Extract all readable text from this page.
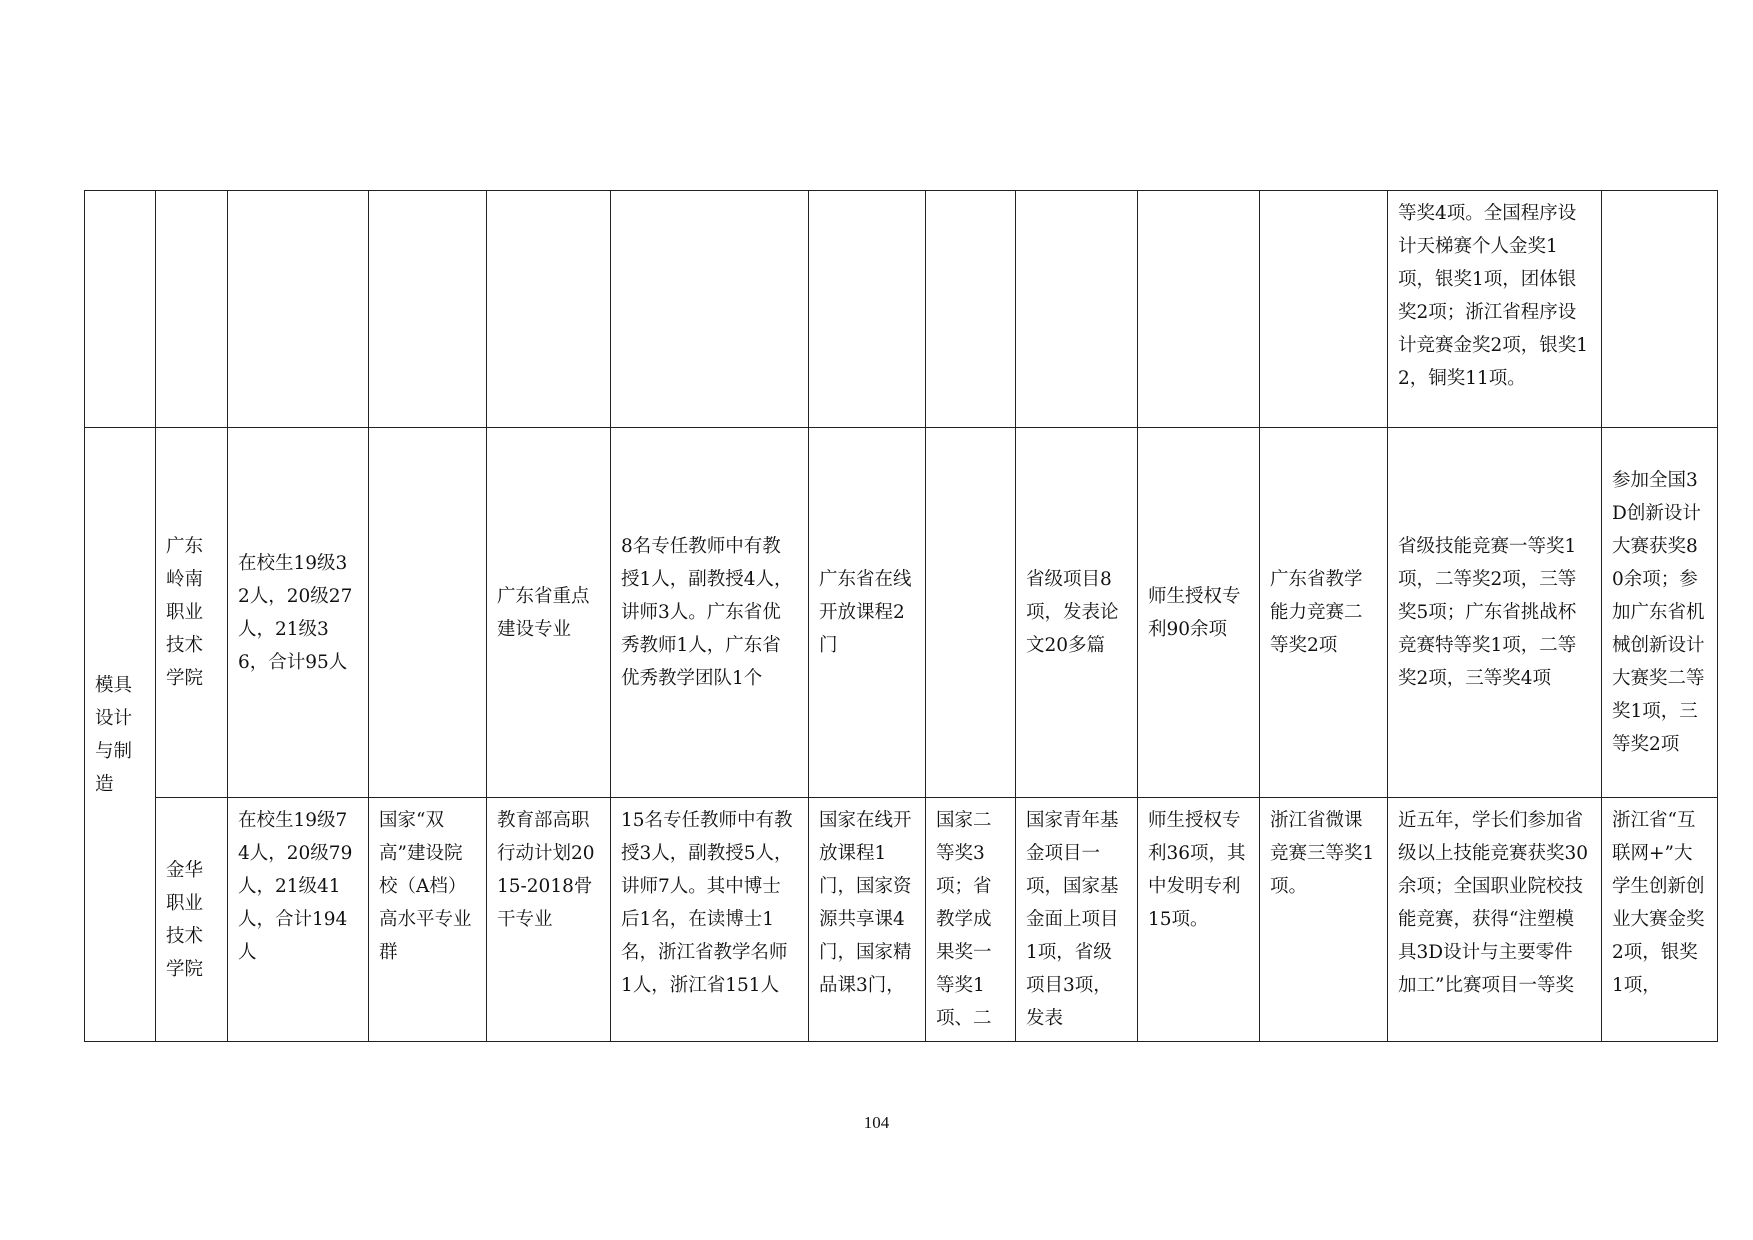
											等奖4项。全国程序设计天梯赛个人金奖1项，银奖1项，团体银奖2项；浙江省程序设计竞赛金奖2项，银奖12，铜奖11项。	
模具设计与制造	广东岭南职业技术学院	在校生19级32人，20级27人，21级36，合计95人		广东省重点建设专业	8名专任教师中有教授1人，副教授4人，讲师3人。广东省优秀教师1人，广东省优秀教学团队1个	广东省在线开放课程2门		省级项目8项，发表论文20多篇	师生授权专利90余项	广东省教学能力竞赛二等奖2项	省级技能竞赛一等奖1项，二等奖2项，三等奖5项；广东省挑战杯竞赛特等奖1项，二等奖2项，三等奖4项	参加全国3D创新设计大赛获奖80余项；参加广东省机械创新设计大赛奖二等奖1项，三等奖2项
	金华职业技术学院	在校生19级74人，20级79人，21级41人，合计194人	国家“双高”建设院校（A档）高水平专业群	教育部高职行动计划2015-2018骨干专业	15名专任教师中有教授3人，副教授5人，讲师7人。其中博士后1名，在读博士1名，浙江省教学名师1人，浙江省151人	国家在线开放课程1门，国家资源共享课4门，国家精品课3门，	国家二等奖3项；省教学成果奖一等奖1项、二	国家青年基金项目一项，国家基金面上项目1项，省级项目3项，发表	师生授权专利36项，其中发明专利15项。	浙江省微课竞赛三等奖1项。	近五年，学长们参加省级以上技能竞赛获奖30余项；全国职业院校技能竞赛，获得“注塑模具3D设计与主要零件加工”比赛项目一等奖	浙江省“互联网+”大学生创新创业大赛金奖2项，银奖1项，
104
